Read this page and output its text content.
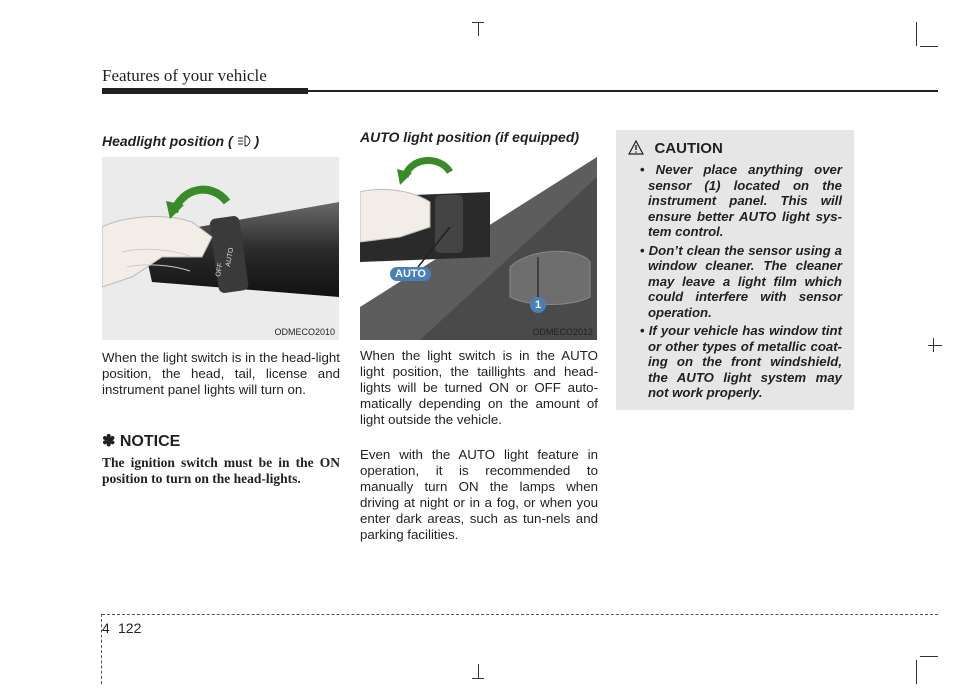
Features of your vehicle
Headlight position ( )
OFF
AUTO
ODMECO2010
When the light switch is in the head-light position, the head, tail, license and instrument panel lights will turn on.
✽ NOTICE
The ignition switch must be in the ON position to turn on the head-lights.
AUTO light position (if equipped)
AUTO
1
ODMECO2012
When the light switch is in the AUTO light position, the taillights and head-lights will be turned ON or OFF auto-matically depending on the amount of light outside the vehicle.
Even with the AUTO light feature in operation, it is recommended to manually turn ON the lamps when driving at night or in a fog, or when you enter dark areas, such as tun-nels and parking facilities.
CAUTION
• Never place anything over sensor (1) located on the instrument panel. This will ensure better AUTO light sys-tem control.
• Don’t clean the sensor using a window cleaner. The cleaner may leave a light film which could interfere with sensor operation.
• If your vehicle has window tint or other types of metallic coat-ing on the front windshield, the AUTO light system may not work properly.
4 122
